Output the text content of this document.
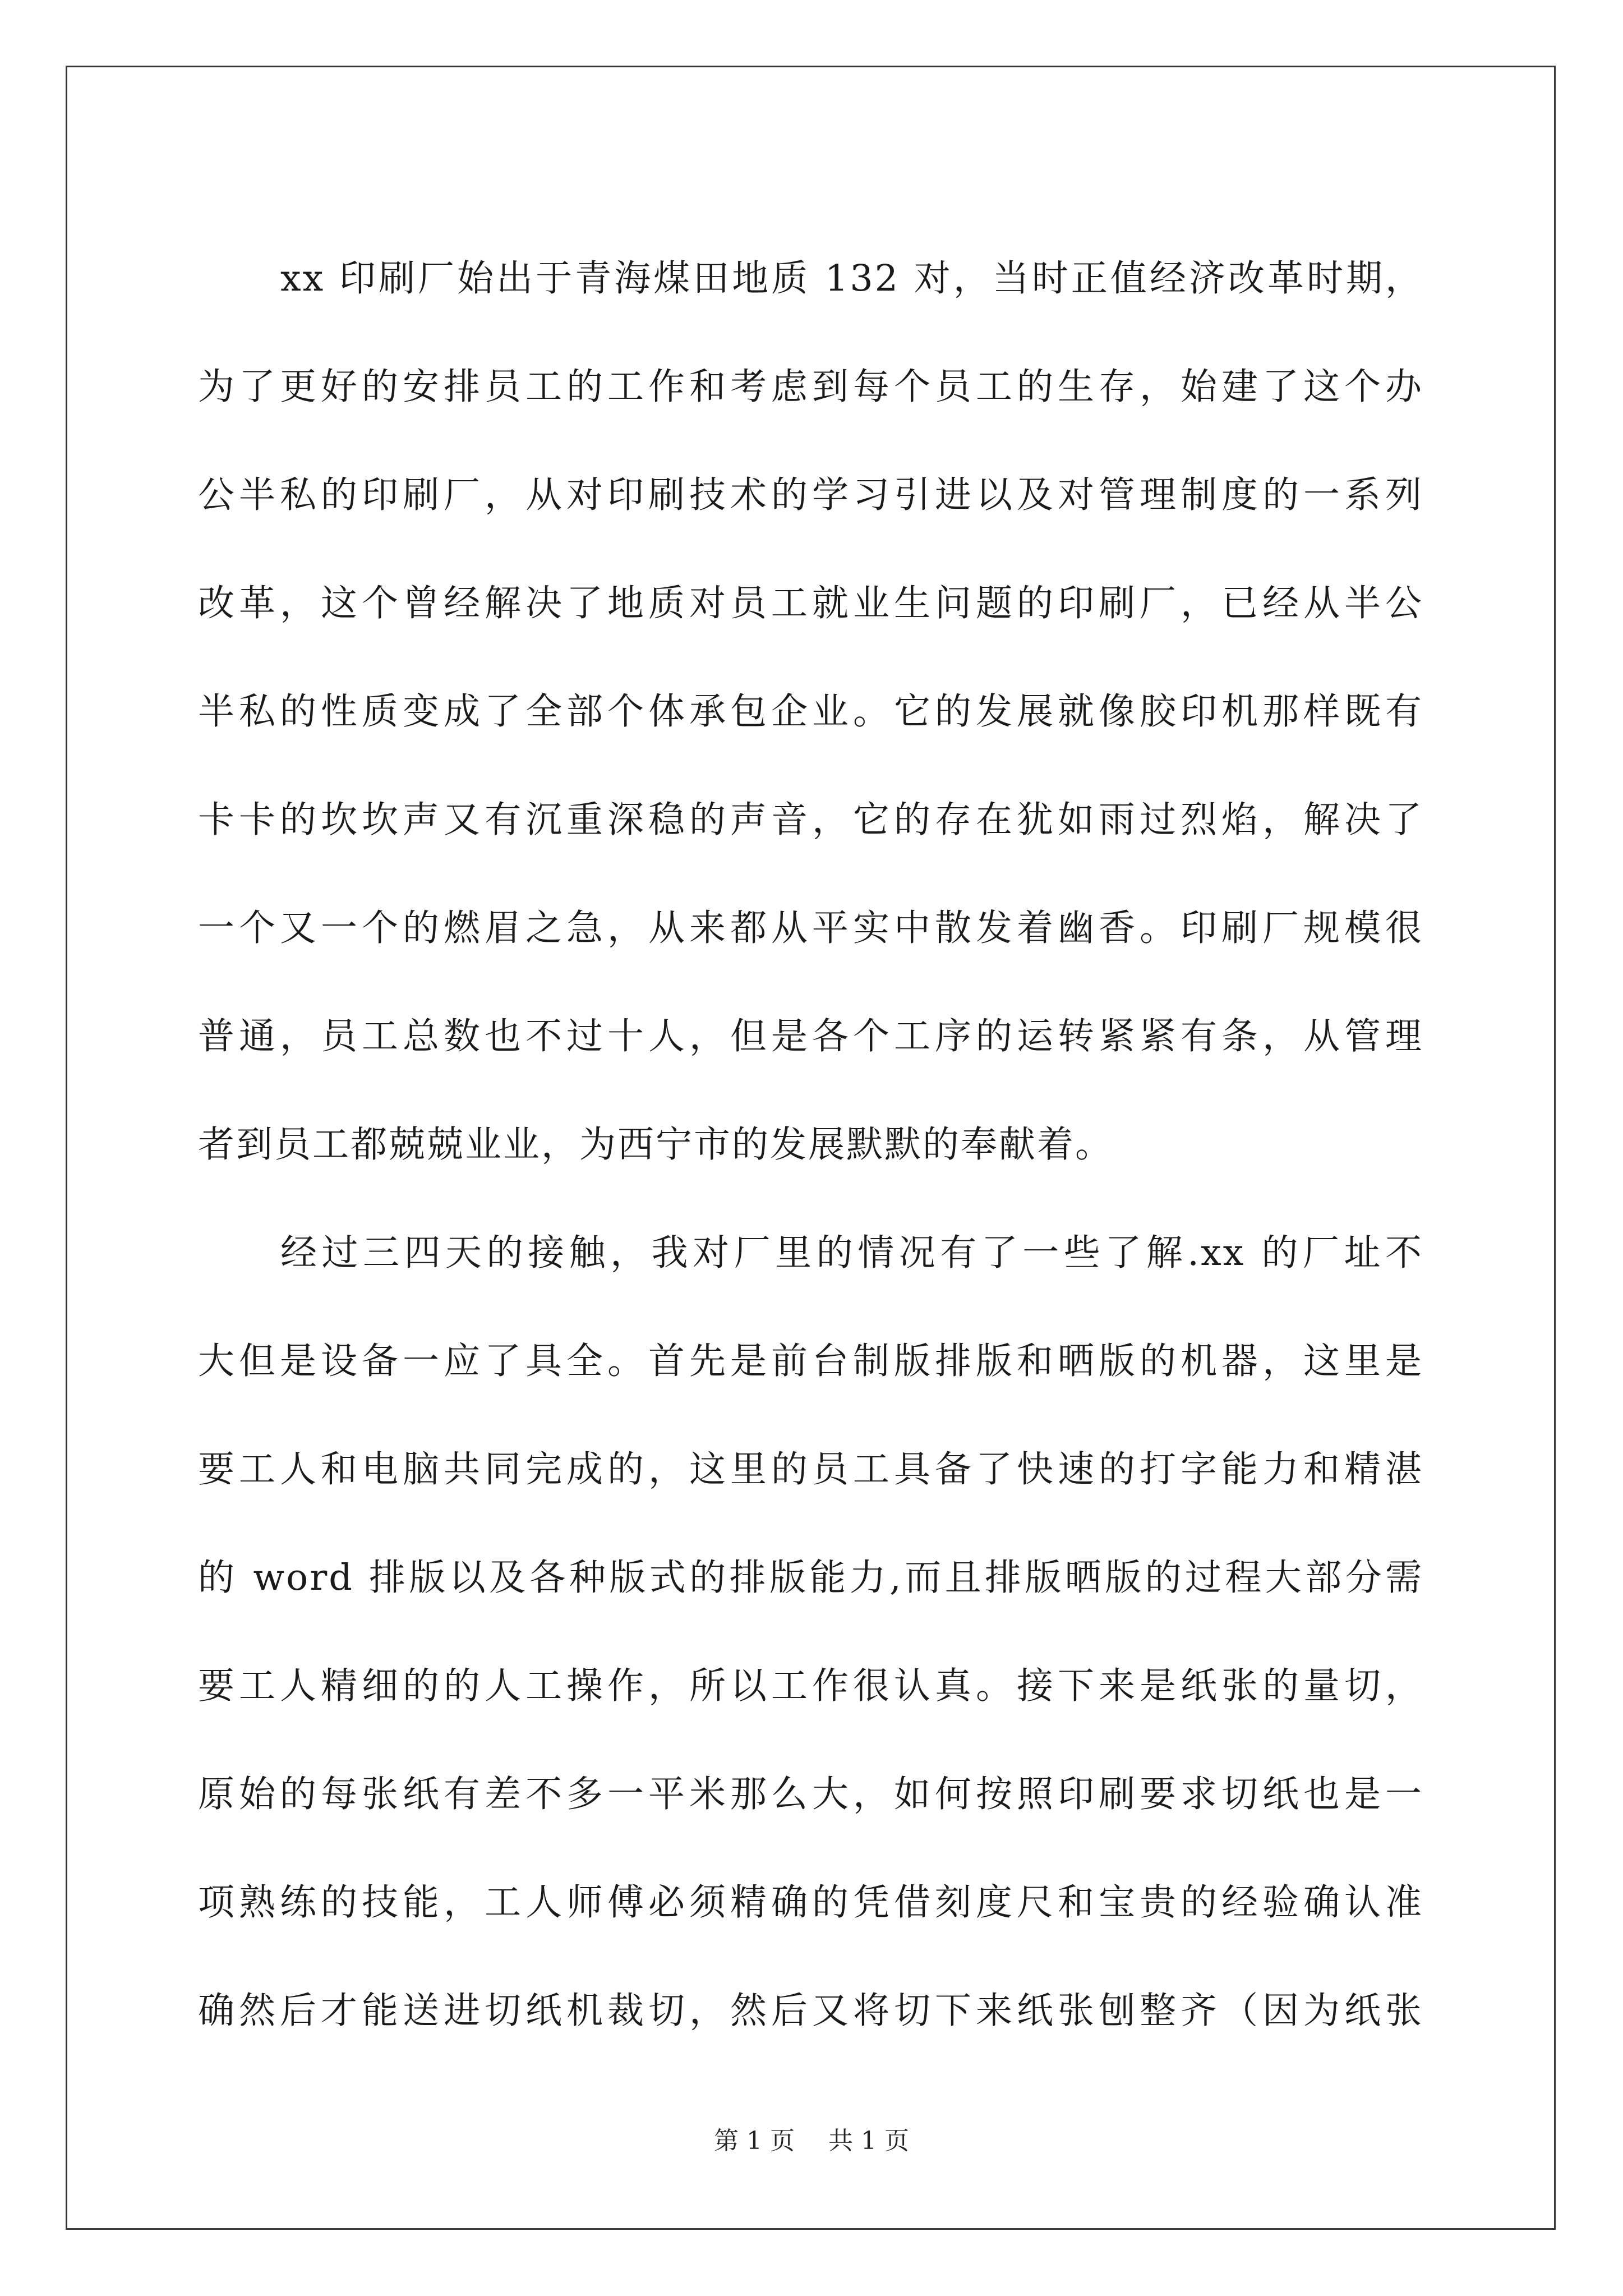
xx 印刷厂始出于青海煤田地质 132 对，当时正值经济改革时期，
为了更好的安排员工的工作和考虑到每个员工的生存，始建了这个办
公半私的印刷厂，从对印刷技术的学习引进以及对管理制度的一系列
改革，这个曾经解决了地质对员工就业生问题的印刷厂，已经从半公
半私的性质变成了全部个体承包企业。它的发展就像胶印机那样既有
卡卡的坎坎声又有沉重深稳的声音，它的存在犹如雨过烈焰，解决了
一个又一个的燃眉之急，从来都从平实中散发着幽香。印刷厂规模很
普通，员工总数也不过十人，但是各个工序的运转紧紧有条，从管理
者到员工都兢兢业业，为西宁市的发展默默的奉献着。
经过三四天的接触，我对厂里的情况有了一些了解.xx 的厂址不
大但是设备一应了具全。首先是前台制版排版和晒版的机器，这里是
要工人和电脑共同完成的，这里的员工具备了快速的打字能力和精湛
的 word 排版以及各种版式的排版能力,而且排版晒版的过程大部分需
要工人精细的的人工操作，所以工作很认真。接下来是纸张的量切，
原始的每张纸有差不多一平米那么大，如何按照印刷要求切纸也是一
项熟练的技能，工人师傅必须精确的凭借刻度尺和宝贵的经验确认准
确然后才能送进切纸机裁切，然后又将切下来纸张刨整齐（因为纸张
第 1 页 共 1 页
